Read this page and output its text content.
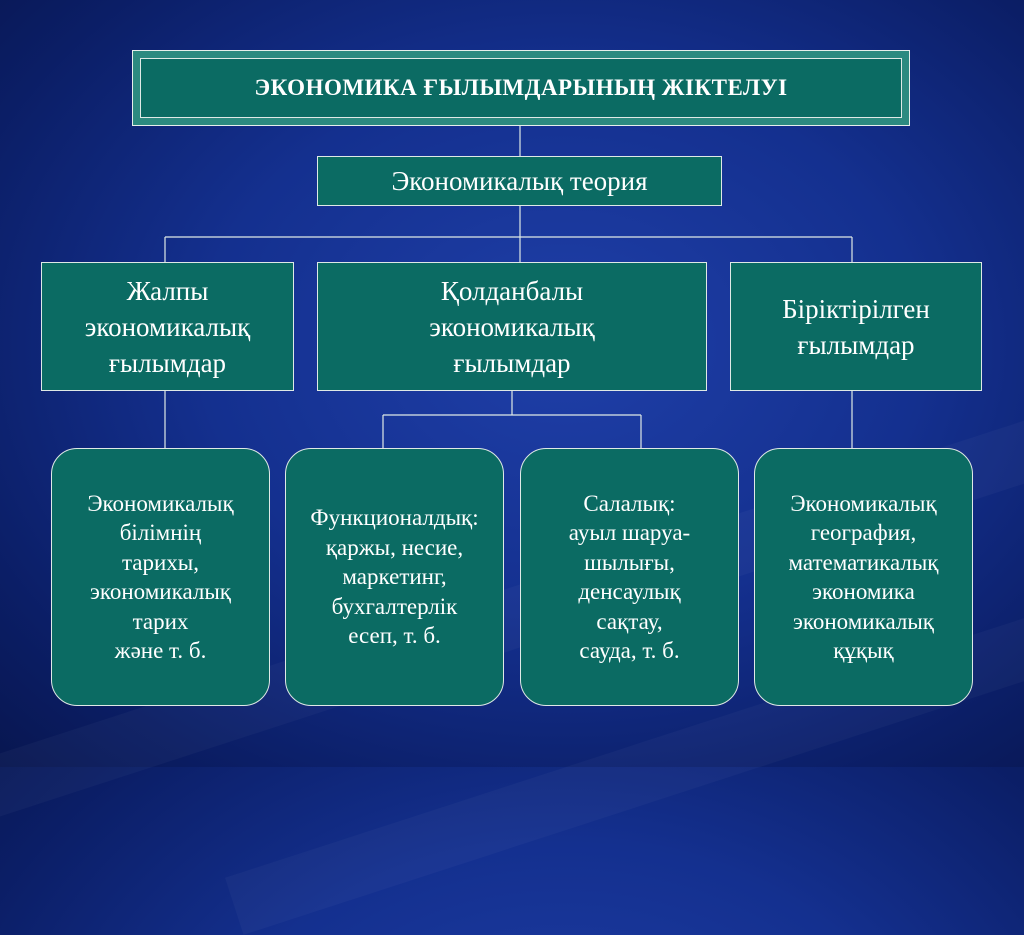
ЭКОНОМИКА ҒЫЛЫМДАРЫНЫҢ ЖІКТЕЛУІ
Экономикалық теория
Жалпы
экономикалық
ғылымдар
Қолданбалы
экономикалық
ғылымдар
Біріктірілген
ғылымдар
Экономикалық
білімнің
тарихы,
экономикалық
тарих
және т. б.
Функционалдық:
қаржы, несие,
маркетинг,
бухгалтерлік
есеп, т. б.
Салалық:
ауыл шаруа-
шылығы,
денсаулық
сақтау,
сауда, т. б.
Экономикалық
география,
математикалық
экономика
экономикалық
құқық
